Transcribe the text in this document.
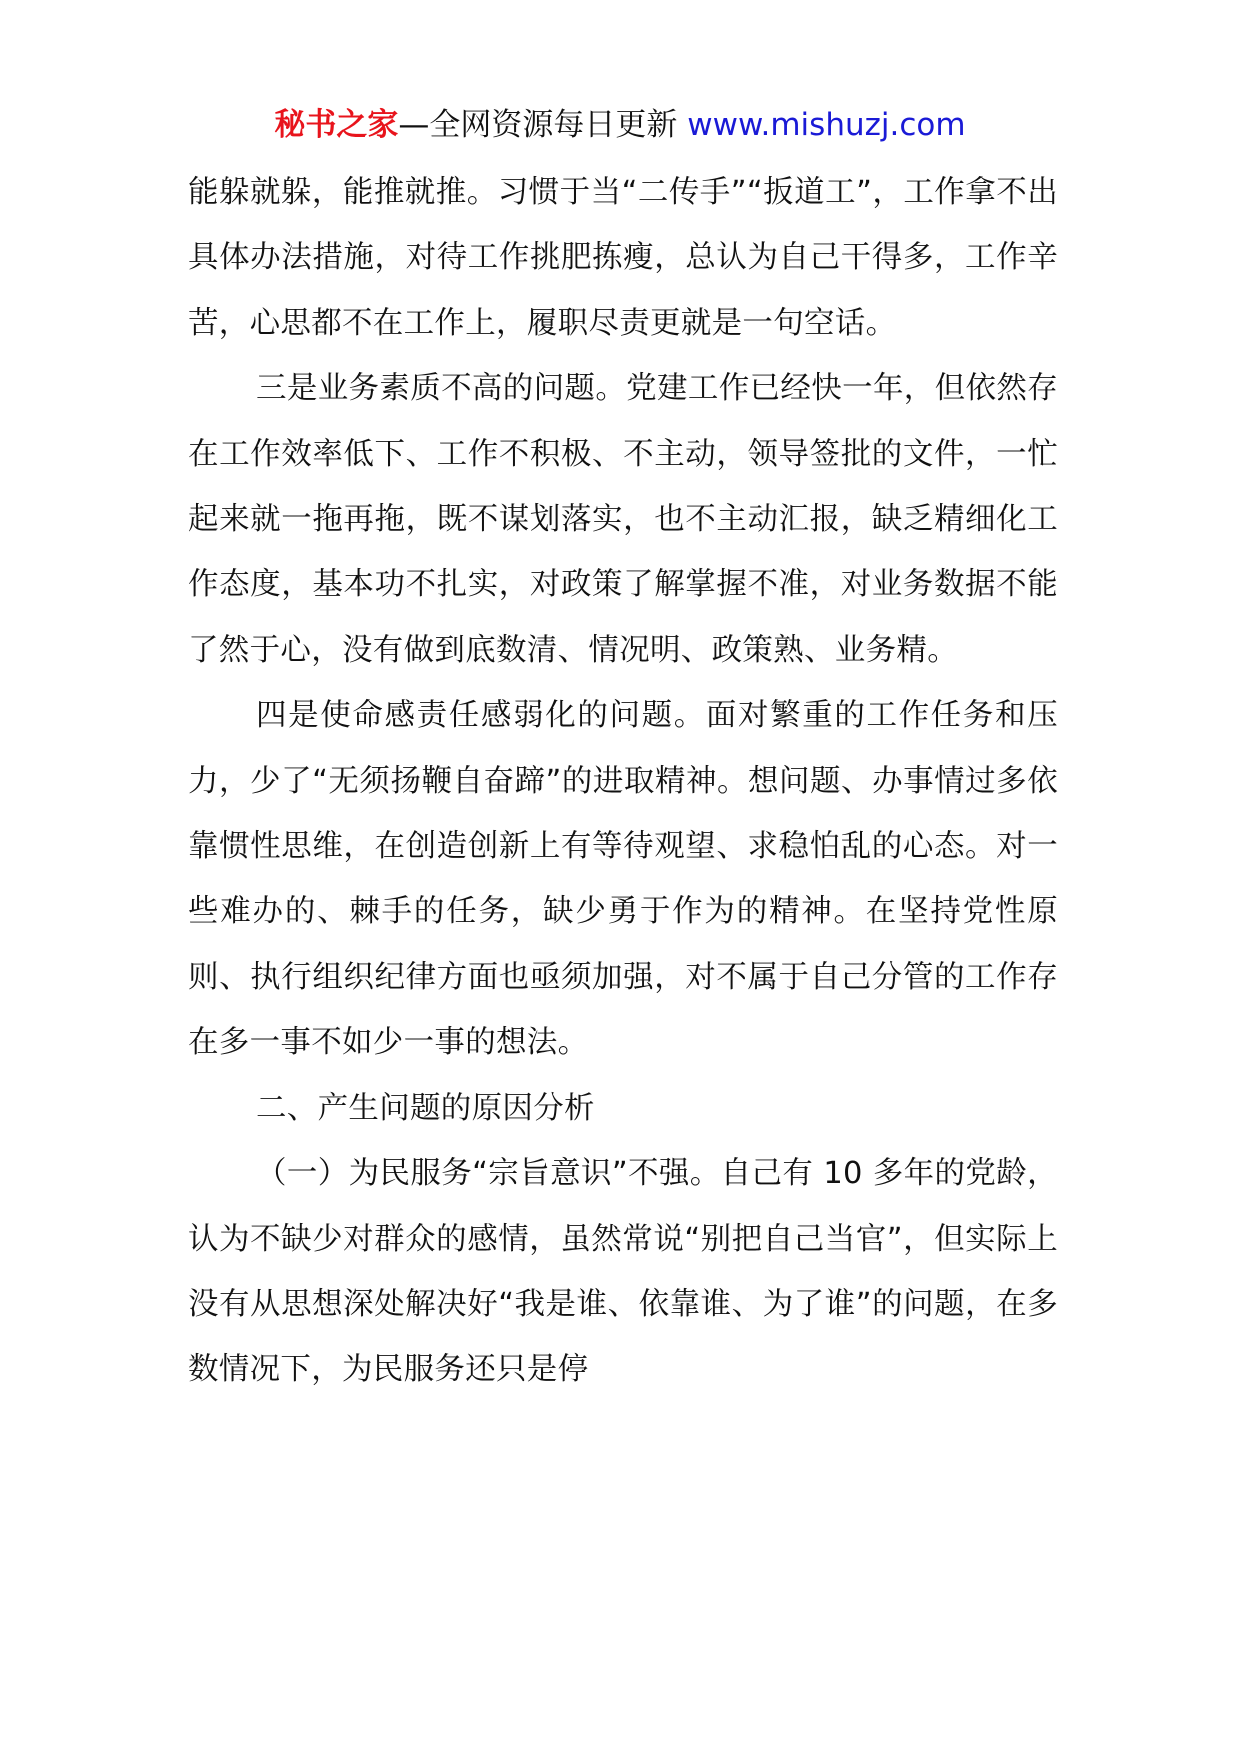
秘书之家—全网资源每日更新 www.mishuzj.com

能躲就躲，能推就推。习惯于当“二传手”“扳道工”，工作拿不出具体办法措施，对待工作挑肥拣瘦，总认为自己干得多，工作辛苦，心思都不在工作上，履职尽责更就是一句空话。

三是业务素质不高的问题。党建工作已经快一年，但依然存在工作效率低下、工作不积极、不主动，领导签批的文件，一忙起来就一拖再拖，既不谋划落实，也不主动汇报，缺乏精细化工作态度，基本功不扎实，对政策了解掌握不准，对业务数据不能了然于心，没有做到底数清、情况明、政策熟、业务精。

四是使命感责任感弱化的问题。面对繁重的工作任务和压力，少了“无须扬鞭自奋蹄”的进取精神。想问题、办事情过多依靠惯性思维，在创造创新上有等待观望、求稳怕乱的心态。对一些难办的、棘手的任务，缺少勇于作为的精神。在坚持党性原则、执行组织纪律方面也亟须加强，对不属于自己分管的工作存在多一事不如少一事的想法。

二、产生问题的原因分析

（一）为民服务“宗旨意识”不强。自己有 10 多年的党龄，认为不缺少对群众的感情，虽然常说“别把自己当官”，但实际上没有从思想深处解决好“我是谁、依靠谁、为了谁”的问题，在多数情况下，为民服务还只是停
